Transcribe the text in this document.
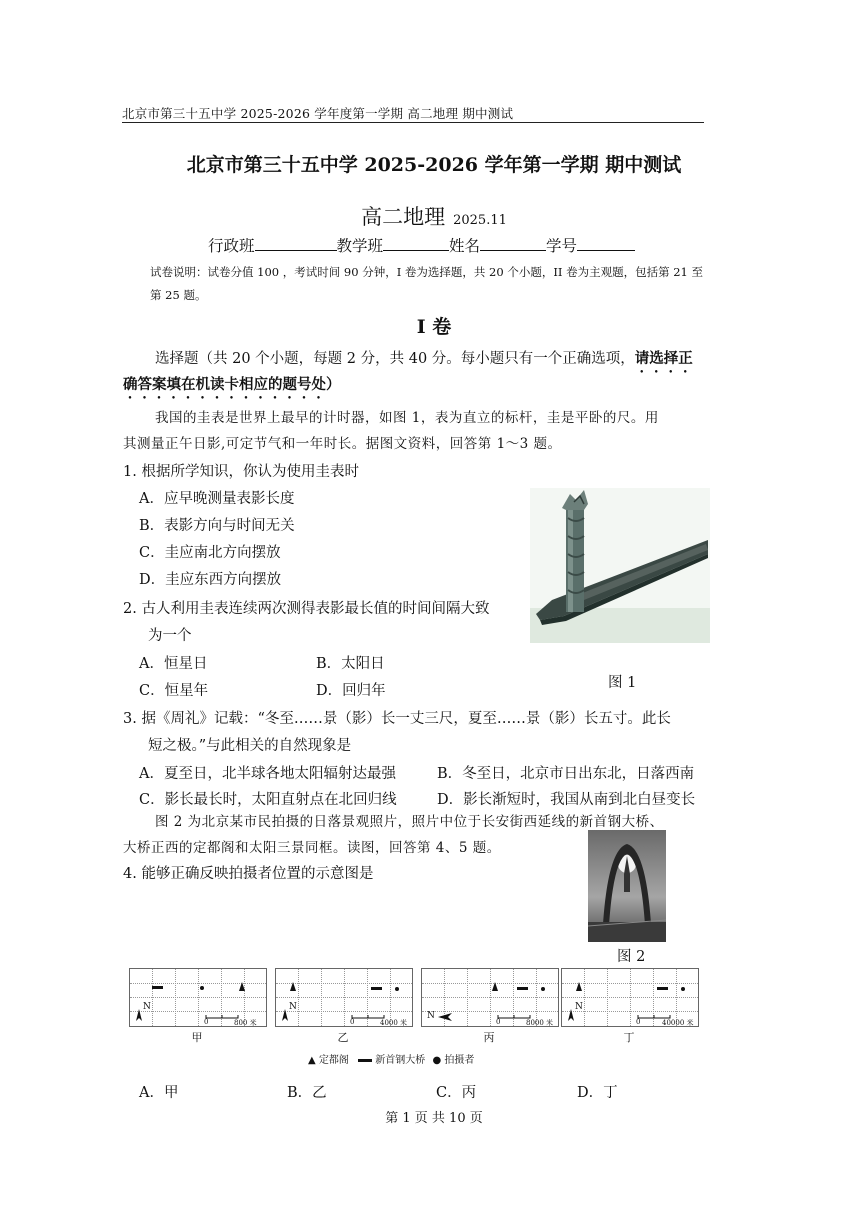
北京市第三十五中学 2025-2026 学年度第一学期 高二地理 期中测试
北京市第三十五中学 2025-2026 学年第一学期 期中测试
高二地理 2025.11
行政班	教学班	姓名	学号
试卷说明：试卷分值 100 ，考试时间 90 分钟，I 卷为选择题，共 20 个小题，II 卷为主观题，包括第 21 至第 25 题。
I 卷
选择题（共 20 个小题，每题 2 分，共 40 分。每小题只有一个正确选项，请选择正
确答案填在机读卡相应的题号处）
我国的圭表是世界上最早的计时器，如图 1，表为直立的标杆，圭是平卧的尺。用
其测量正午日影,可定节气和一年时长。据图文资料，回答第 1～3 题。
1. 根据所学知识，你认为使用圭表时
A．应早晚测量表影长度
B．表影方向与时间无关
C．圭应南北方向摆放
D．圭应东西方向摆放
2. 古人利用圭表连续两次测得表影最长值的时间间隔大致
为一个
A．恒星日	B．太阳日
C．恒星年	D．回归年	图 1
3. 据《周礼》记载：“冬至……景（影）长一丈三尺，夏至……景（影）长五寸。此长
短之极。”与此相关的自然现象是
A．夏至日，北半球各地太阳辐射达最强	B．冬至日，北京市日出东北，日落西南
C．影长最长时，太阳直射点在北回归线	D．影长渐短时，我国从南到北白昼变长
图 2 为北京某市民拍摄的日落景观照片，照片中位于长安街西延线的新首钢大桥、
大桥正西的定都阁和太阳三景同框。读图，回答第 4、5 题。
4. 能够正确反映拍摄者位置的示意图是
图 2
N
0	800 米
甲
N
0	4000 米
乙
N
0	8000 米
丙
N
0	40000 米
丁
▲ 定都阁	新首钢大桥 ● 拍摄者
A．甲	B．乙	C．丙	D．丁
第 1 页 共 10 页
